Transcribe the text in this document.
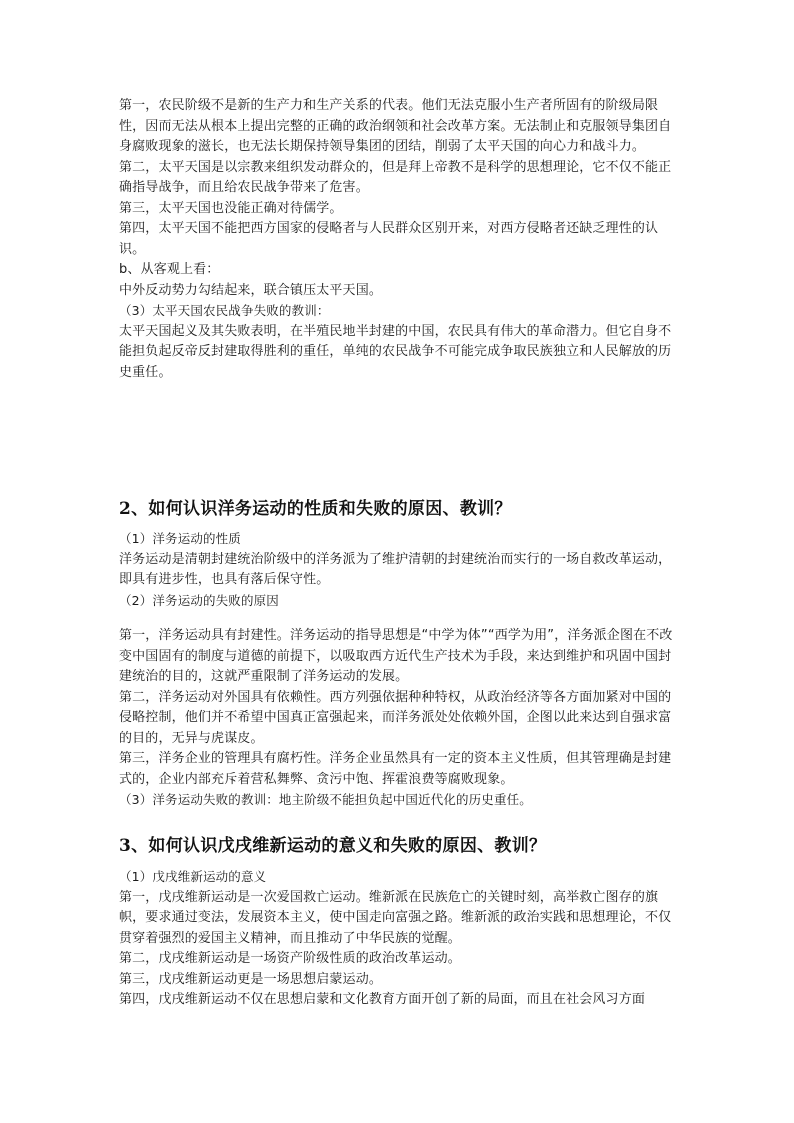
第一，农民阶级不是新的生产力和生产关系的代表。他们无法克服小生产者所固有的阶级局限性，因而无法从根本上提出完整的正确的政治纲领和社会改革方案。无法制止和克服领导集团自身腐败现象的滋长，也无法长期保持领导集团的团结，削弱了太平天国的向心力和战斗力。

第二，太平天国是以宗教来组织发动群众的，但是拜上帝教不是科学的思想理论，它不仅不能正确指导战争，而且给农民战争带来了危害。

第三，太平天国也没能正确对待儒学。

第四，太平天国不能把西方国家的侵略者与人民群众区别开来，对西方侵略者还缺乏理性的认识。

b、从客观上看：

中外反动势力勾结起来，联合镇压太平天国。

（3）太平天国农民战争失败的教训：

太平天国起义及其失败表明，在半殖民地半封建的中国，农民具有伟大的革命潜力。但它自身不能担负起反帝反封建取得胜利的重任，单纯的农民战争不可能完成争取民族独立和人民解放的历史重任。

2、如何认识洋务运动的性质和失败的原因、教训？

（1）洋务运动的性质

洋务运动是清朝封建统治阶级中的洋务派为了维护清朝的封建统治而实行的一场自救改革运动，即具有进步性，也具有落后保守性。

（2）洋务运动的失败的原因

第一，洋务运动具有封建性。洋务运动的指导思想是“中学为体”“西学为用”，洋务派企图在不改变中国固有的制度与道德的前提下，以吸取西方近代生产技术为手段，来达到维护和巩固中国封建统治的目的，这就严重限制了洋务运动的发展。

第二，洋务运动对外国具有依赖性。西方列强依据种种特权，从政治经济等各方面加紧对中国的侵略控制，他们并不希望中国真正富强起来，而洋务派处处依赖外国，企图以此来达到自强求富的目的，无异与虎谋皮。

第三，洋务企业的管理具有腐朽性。洋务企业虽然具有一定的资本主义性质，但其管理确是封建式的，企业内部充斥着营私舞弊、贪污中饱、挥霍浪费等腐败现象。

（3）洋务运动失败的教训：地主阶级不能担负起中国近代化的历史重任。

3、如何认识戊戌维新运动的意义和失败的原因、教训？

（1）戊戌维新运动的意义

第一，戊戌维新运动是一次爱国救亡运动。维新派在民族危亡的关键时刻，高举救亡图存的旗帜，要求通过变法，发展资本主义，使中国走向富强之路。维新派的政治实践和思想理论，不仅贯穿着强烈的爱国主义精神，而且推动了中华民族的觉醒。

第二，戊戌维新运动是一场资产阶级性质的政治改革运动。

第三，戊戌维新运动更是一场思想启蒙运动。

第四，戊戌维新运动不仅在思想启蒙和文化教育方面开创了新的局面，而且在社会风习方面
